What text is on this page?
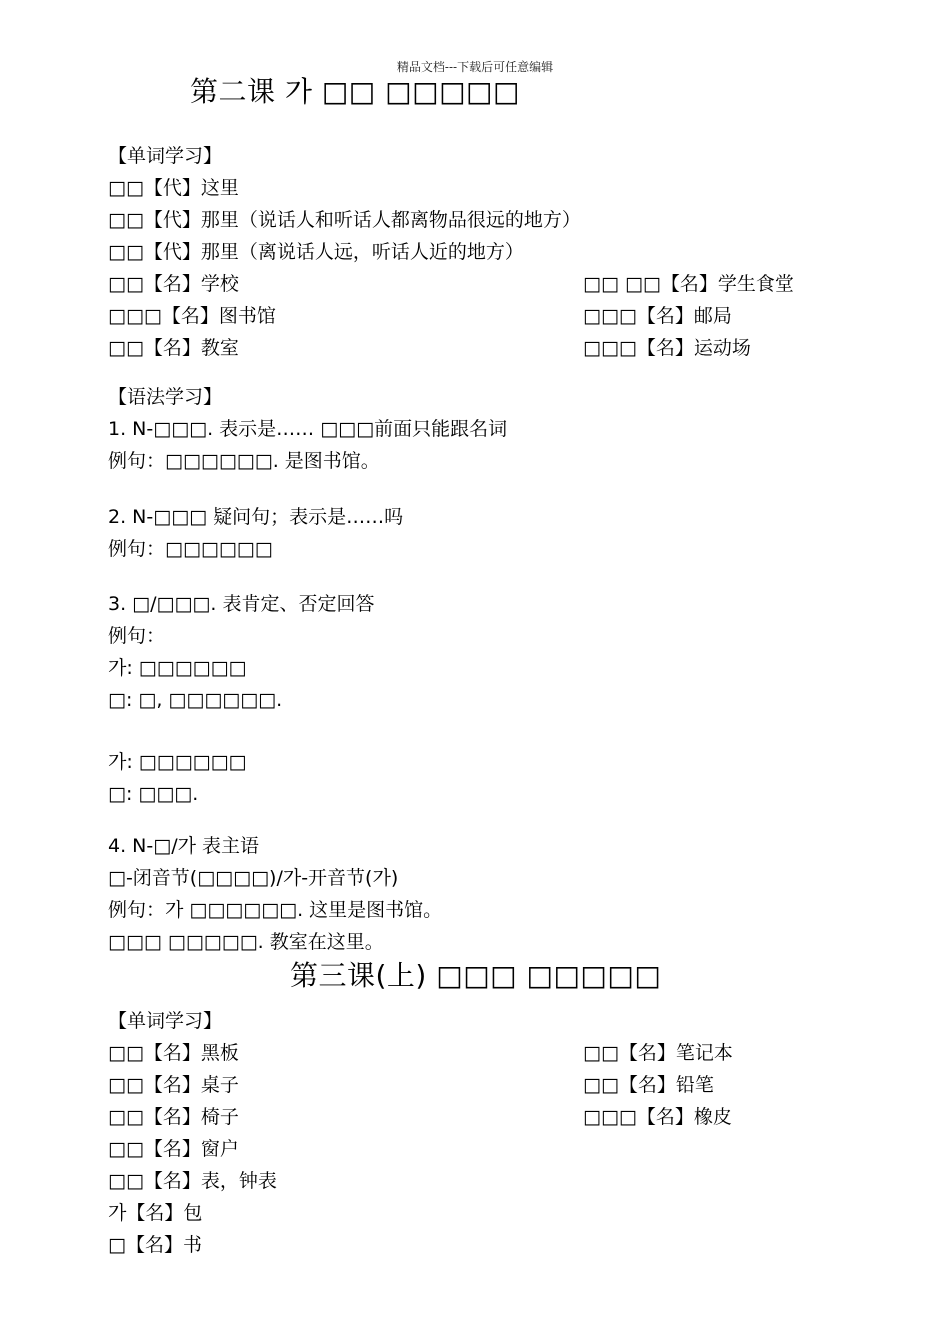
精品文档---下载后可任意编辑
第二课 가 □□ □□□□□
【单词学习】
□□【代】这里
□□【代】那里（说话人和听话人都离物品很远的地方）
□□【代】那里（离说话人远，听话人近的地方）
□□【名】学校
□□□【名】图书馆
□□【名】教室
□□ □□【名】学生食堂
□□□【名】邮局
□□□【名】运动场
【语法学习】
1. N-□□□. 表示是…… □□□前面只能跟名词
例句：□□□□□□. 是图书馆。
2. N-□□□ 疑问句；表示是……吗
例句：□□□□□□
3. □/□□□. 表肯定、否定回答
例句：
가: □□□□□□
□: □, □□□□□□.
가: □□□□□□
□: □□□.
4. N-□/가 表主语
□-闭音节(□□□□)/가-开音节(가)
例句：가 □□□□□□. 这里是图书馆。
□□□ □□□□□. 教室在这里。
第三课(上) □□□ □□□□□
【单词学习】
□□【名】黑板
□□【名】桌子
□□【名】椅子
□□【名】窗户
□□【名】表，钟表
가【名】包
□【名】书
□□【名】笔记本
□□【名】铅笔
□□□【名】橡皮
